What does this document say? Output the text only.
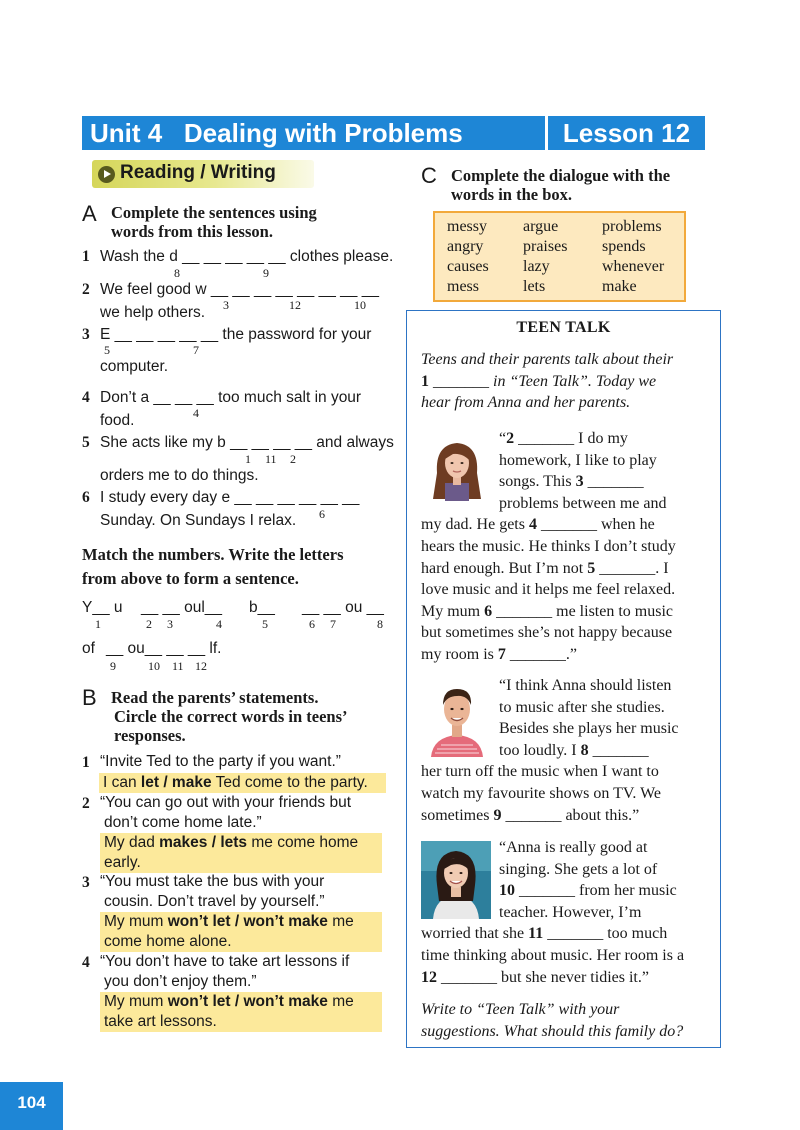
Unit 4   Dealing with Problems	Lesson 12
Reading / Writing
A Complete the sentences using
words from this lesson.
1 Wash the d __ __ __ __ __ clothes please.
8	9
2 We feel good w __ __ __ __ __ __ __ __
we help others. 3	12	10
3 E __ __ __ __ __ the password for your
computer.
5	7
4 Don’t a __ __ __ too much salt in your
food.	4
5 She acts like my b __ __ __ __ and always
orders me to do things.
1 11 2
6 I study every day e __ __ __ __ __ __
Sunday. On Sundays I relax. 6
Match the numbers. Write the letters
from above to form a sentence.
Y__ u __ __ oul__ b__ __ __ ou __
1	2 3	4	5	6 7	8
of __ ou__ __ __ lf.
9	10 11 12
B Read the parents’ statements.
Circle the correct words in teens’
responses.
1 “Invite Ted to the party if you want.”
I can let / make Ted come to the party.
2 “You can go out with your friends but
don’t come home late.”
My dad makes / lets me come home
early.
3 “You must take the bus with your
cousin. Don’t travel by yourself.”
My mum won’t let / won’t make me
come home alone.
4 “You don’t have to take art lessons if
you don’t enjoy them.”
My mum won’t let / won’t make me
take art lessons.
C Complete the dialogue with the
words in the box.
messy argue	problems
angry praises spends
causes lazy	whenever
mess	lets	make
TEEN TALK
Teens and their parents talk about their
1 _______ in “Teen Talk”. Today we
hear from Anna and her parents.
“2 _______ I do my
homework, I like to play
songs. This 3 _______
problems between me and
my dad. He gets 4 _______ when he
hears the music. He thinks I don’t study
hard enough. But I’m not 5 _______. I
love music and it helps me feel relaxed.
My mum 6 _______ me listen to music
but sometimes she’s not happy because
my room is 7 _______.”
“I think Anna should listen
to music after she studies.
Besides she plays her music
too loudly. I 8 _______
her turn off the music when I want to
watch my favourite shows on TV. We
sometimes 9 _______ about this.”
“Anna is really good at
singing. She gets a lot of
10 _______ from her music
teacher. However, I’m
worried that she 11 _______ too much
time thinking about music. Her room is a
12 _______ but she never tidies it.”
Write to “Teen Talk” with your
suggestions. What should this family do?
104
